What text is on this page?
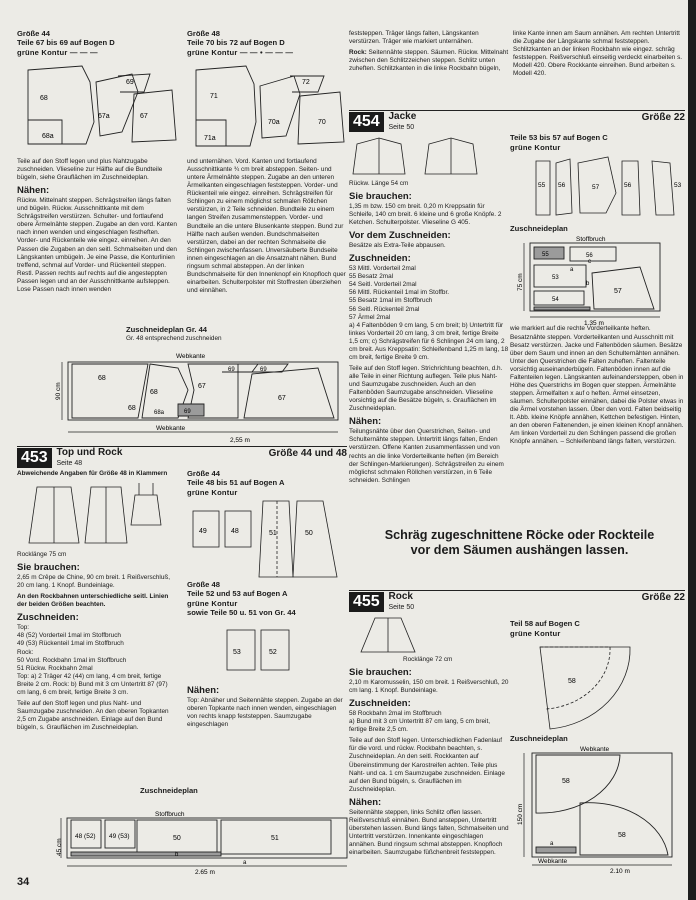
Größe 44
Teile 67 bis 69 auf Bogen D
grüne Kontur — — —
68
69
67a	67
68a
Größe 48
Teile 70 bis 72 auf Bogen D
grüne Kontur — — • — — —
71
72
71a
70a	70

Teile auf den Stoff legen und plus Nahtzugabe zuschneiden. Vlieseline zur Hälfte auf die Bundteile bügeln, siehe Grauflächen im Zuschneideplan.

Nähen:

Rückw. Mittelnaht steppen. Schrägstreifen längs falten und bügeln. Rückw. Ausschnittkante mit dem Schrägstreifen verstürzen. Schulter- und fortlaufend obere Ärmelnähte steppen. Zugabe an den vord. Kanten nach innen wenden und eingeschlagen festheften. Vorder- und Rückenteile wie eingez. einreihen. An den Passen die Zugaben an den seitl. Schmalseiten und den Längskanten umbügeln. Je eine Passe, die Konturlinien treffend, schmal auf Vorder- und Rückenteil steppen. Restl. Passen rechts auf rechts auf die angesteppten Passen legen und an der Ausschnittkante aufsteppen. Lose Passen nach innen wenden

und unternähen. Vord. Kanten und fortlaufend Ausschnittkante ¾ cm breit absteppen. Seiten- und untere Ärmelnähte steppen. Zugabe an den unteren Ärmelkanten eingeschlagen feststeppen. Vorder- und Rückenteil wie eingez. einreihen. Schrägstreifen für Schlingen zu einem möglichst schmalen Röllchen verstürzen, in 2 Teile schneiden. Bundteile zu einem langen Streifen zusammensteppen. Vorder- und Bundteile an die untere Blusenkante steppen. Bund zur Hälfte nach außen wenden. Bundschmalseiten verstürzen, dabei an der rechten Schmalseite die Schlingen zwischenfassen. Unversäuberte Bundseite innen eingeschlagen an die Ansatznaht nähen. Bund ringsum schmal absteppen. An der linken Bundschmalseite für den Innenknopf ein Knopfloch quer einarbeiten. Schulterpolster mit Stoffresten überziehen und einnähen.

Zuschneideplan Gr. 44
Gr. 48 entsprechend zuschneiden
Webkante
68
69	69
67
67
68
68
68a	69
Webkante
90 cm
2,55 m
453 Top und Rock
Seite 48
Größe 44 und 48

Abweichende Angaben für Größe 48 in Klammern

Rocklänge 75 cm

Sie brauchen:

2,65 m Crêpe de Chine, 90 cm breit. 1 Reißverschluß, 20 cm lang. 1 Knopf. Bundeinlage.

An den Rockbahnen unterschiedliche seitl. Linien der beiden Größen beachten.

Zuschneiden:
Top:
48 (52) Vorderteil 1mal im Stoffbruch
49 (53) Rückenteil 1mal im Stoffbruch
Rock:
50 Vord. Rockbahn 1mal im Stoffbruch
51 Rückw. Rockbahn 2mal

Top: a) 2 Träger 42 (44) cm lang, 4 cm breit, fertige Breite 2 cm. Rock: b) Bund mit 3 cm Untertritt 87 (97) cm lang, 6 cm breit, fertige Breite 3 cm.

Teile auf den Stoff legen und plus Naht- und Saumzugabe zuschneiden. An den oberen Topkanten 2,5 cm Zugabe anschneiden. Einlage auf den Bund bügeln, s. Grauflächen im Zuschneideplan.

Größe 44
Teile 48 bis 51 auf Bogen A
grüne Kontur
49	48	51	50
Größe 48
Teile 52 und 53 auf Bogen A
grüne Kontur
sowie Teile 50 u. 51 von Gr. 44
53	52
Nähen:

Top: Abnäher und Seitennähte steppen. Zugabe an der oberen Topkante nach innen wenden, eingeschlagen von rechts knapp feststeppen. Saumzugabe eingeschlagen

Zuschneideplan
Stoffbruch
48 (52) 49 (53)	50	51
b
a
45 cm
2,65 m

feststeppen. Träger längs falten, Längskanten verstürzen. Träger wie markiert unternähen.

Rock: Seitennähte steppen. Säumen. Rückw. Mittelnaht zwischen den Schlitzzeichen steppen. Schlitz unten zuheften. Schlitzkanten in die linke Rockbahn bügeln,

linke Kante innen am Saum annähen. Am rechten Untertritt die Zugabe der Längskante schmal feststeppen. Schlitzkanten an der linken Rockbahn wie eingez. schräg feststeppen. Reißverschluß einseitig verdeckt einarbeiten s. Modell 420. Obere Rockkante einreihen. Bund arbeiten s. Modell 420.

454 Jacke
Seite 50
Größe 22

Rückw. Länge 54 cm

Sie brauchen:

1,35 m bzw. 150 cm breit. 0,20 m Kreppsatin für Schleife, 140 cm breit. 6 kleine und 6 große Knöpfe. 2 Ketchen. Schulterpolster. Vlieseline G 405.

Vor dem Zuschneiden:

Besätze als Extra-Teile abpausen.

Zuschneiden:
53 Mittl. Vorderteil 2mal
55 Besatz 2mal
54 Seitl. Vorderteil 2mal
56 Mittl. Rückenteil 1mal im Stoffbr.
55 Besatz 1mal im Stoffbruch
56 Seitl. Rückenteil 2mal
57 Ärmel 2mal

a) 4 Faltenböden 9 cm lang, 5 cm breit; b) Untertritt für linkes Vorderteil 20 cm lang, 3 cm breit, fertige Breite 1,5 cm; c) Schrägstreifen für 6 Schlingen 24 cm lang, 2 cm breit. Aus Kreppsatin: Schleifenband 1,25 m lang, 18 cm breit, fertige Breite 9 cm.

Teile auf den Stoff legen. Strichrichtung beachten, d.h. alle Teile in einer Richtung auflegen. Teile plus Naht- und Saumzugabe zuschneiden. Auch an den Faltenböden Saumzugabe anschneiden. Vlieseline vorsichtig auf die Besätze bügeln, s. Grauflächen im Zuschneideplan.

Nähen:

Teilungsnähte über den Querstrichen, Seiten- und Schulternähte steppen. Untertritt längs falten, Enden verstürzen. Offene Kanten zusammenfassen und von rechts an die linke Vorderteilkante heften (im Bereich der Schlingen-Markierungen). Schrägstreifen zu einem möglichst schmalen Röllchen verstürzen, in 6 Teile schneiden. Schlingen

Teile 53 bis 57 auf Bogen C
grüne Kontur
55 56	57	56	53
Zuschneideplan
Stoffbruch
55	56
53
57
54
c
a
b
75 cm
1,35 m

wie markiert auf die rechte Vorderteilkante heften. Besatznähte steppen. Vorderteilkanten und Ausschnitt mit Besatz verstürzen. Jacke und Faltenböden säumen. Besätze über dem Saum und innen an den Schulternähten annähen. Unter den Querstrichen die Falten zuheften. Faltenteile vorsichtig auseinanderbügeln. Faltenböden innen auf die Faltenteilen legen. Längskanten aufeinandersteppen, oben in Höhe des Querstrichs im Bogen quer steppen. Ärmelnähte steppen. Ärmelfalten x auf o heften. Ärmel einsetzen, säumen. Schulterpolster einnähen, dabei die Polster etwas in die Ärmel vorstehen lassen. Über den vord. Falten beidseitig lt. Abb. kleine Knöpfe annähen, Kettchen befestigen. Hinten, an den oberen Faltenenden, je einen kleinen Knopf annähen. Am linken Vorderteil zu den Schlingen passend die großen Knöpfe annähen. – Schleifenband längs falten, verstürzen.

Schräg zugeschnittene Röcke oder Rockteile
vor dem Säumen aushängen lassen.
455 Rock
Seite 50
Größe 22

Rocklänge 72 cm

Sie brauchen:

2,10 m Karomusselin, 150 cm breit. 1 Reißverschluß, 20 cm lang. 1 Knopf. Bundeinlage.

Zuschneiden:
58 Rockbahn 2mal im Stoffbruch

a) Bund mit 3 cm Untertritt 87 cm lang, 5 cm breit, fertige Breite 2,5 cm.

Teile auf den Stoff legen. Unterschiedlichen Fadenlauf für die vord. und rückw. Rockbahn beachten, s. Zuschneideplan. An den seitl. Rockkanten auf Übereinstimmung der Karostreifen achten. Teile plus Naht- und ca. 1 cm Saumzugabe zuschneiden. Einlage auf den Bund bügeln, s. Grauflächen im Zuschneideplan.

Nähen:

Seitennähte steppen, links Schlitz offen lassen. Reißverschluß einnähen. Bund ansteppen, Untertritt überstehen lassen. Bund längs falten, Schmalseiten und Untertritt verstürzen. Innenkante eingeschlagen annähen. Bund ringsum schmal absteppen. Knopfloch einarbeiten. Saumzugabe füßchenbreit feststeppen.

Teil 58 auf Bogen C
grüne Kontur
58
Zuschneideplan
Webkante
58
58
a
Webkante
150 cm
2,10 m
34
